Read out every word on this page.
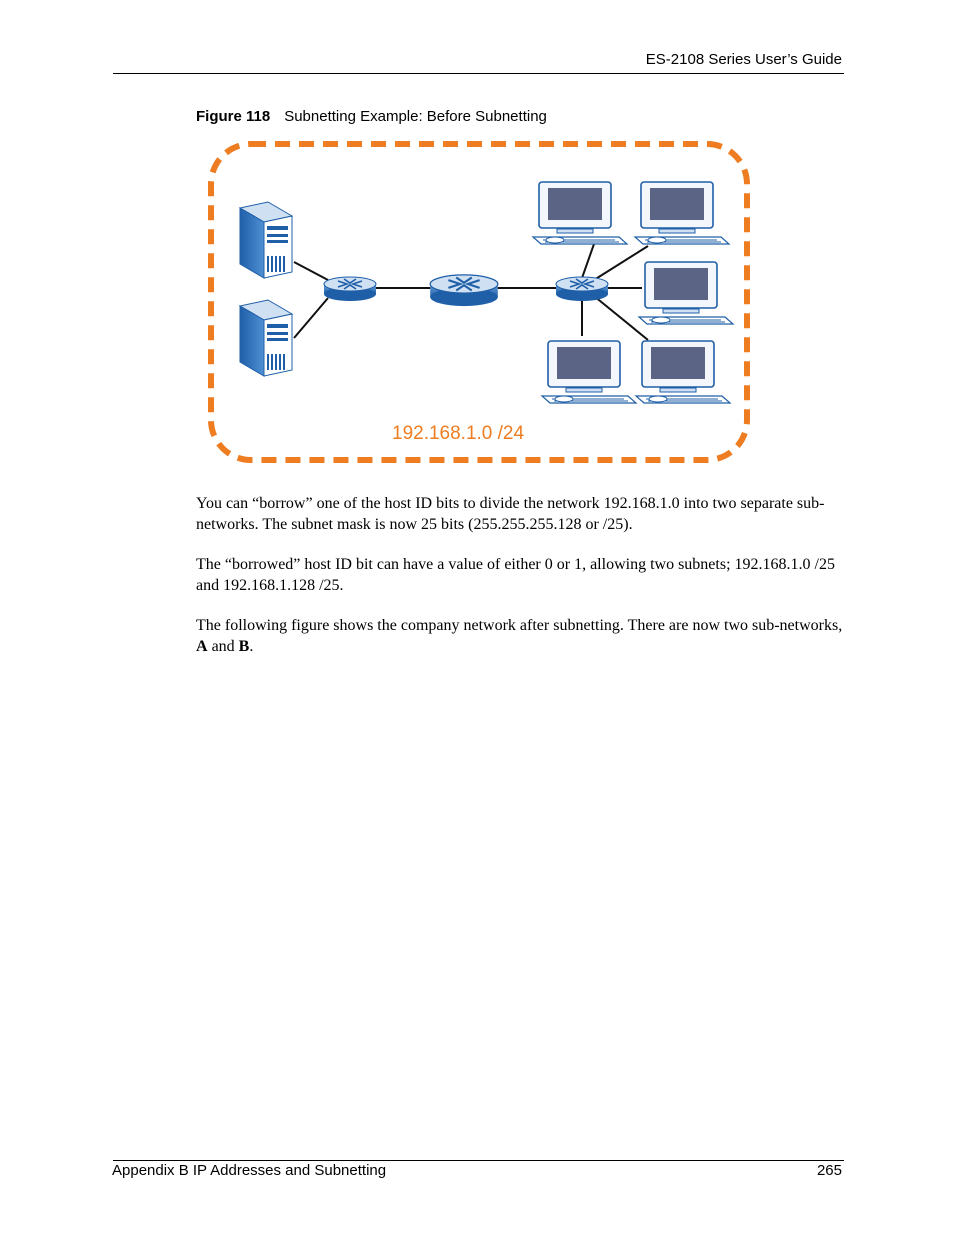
ES-2108 Series User’s Guide
Figure 118 Subnetting Example: Before Subnetting
192.168.1.0 /24

You can “borrow” one of the host ID bits to divide the network 192.168.1.0 into two separate sub-networks. The subnet mask is now 25 bits (255.255.255.128 or /25).

The “borrowed” host ID bit can have a value of either 0 or 1, allowing two subnets; 192.168.1.0 /25 and 192.168.1.128 /25.

The following figure shows the company network after subnetting. There are now two sub-networks, A and B.

Appendix B IP Addresses and Subnetting	265
